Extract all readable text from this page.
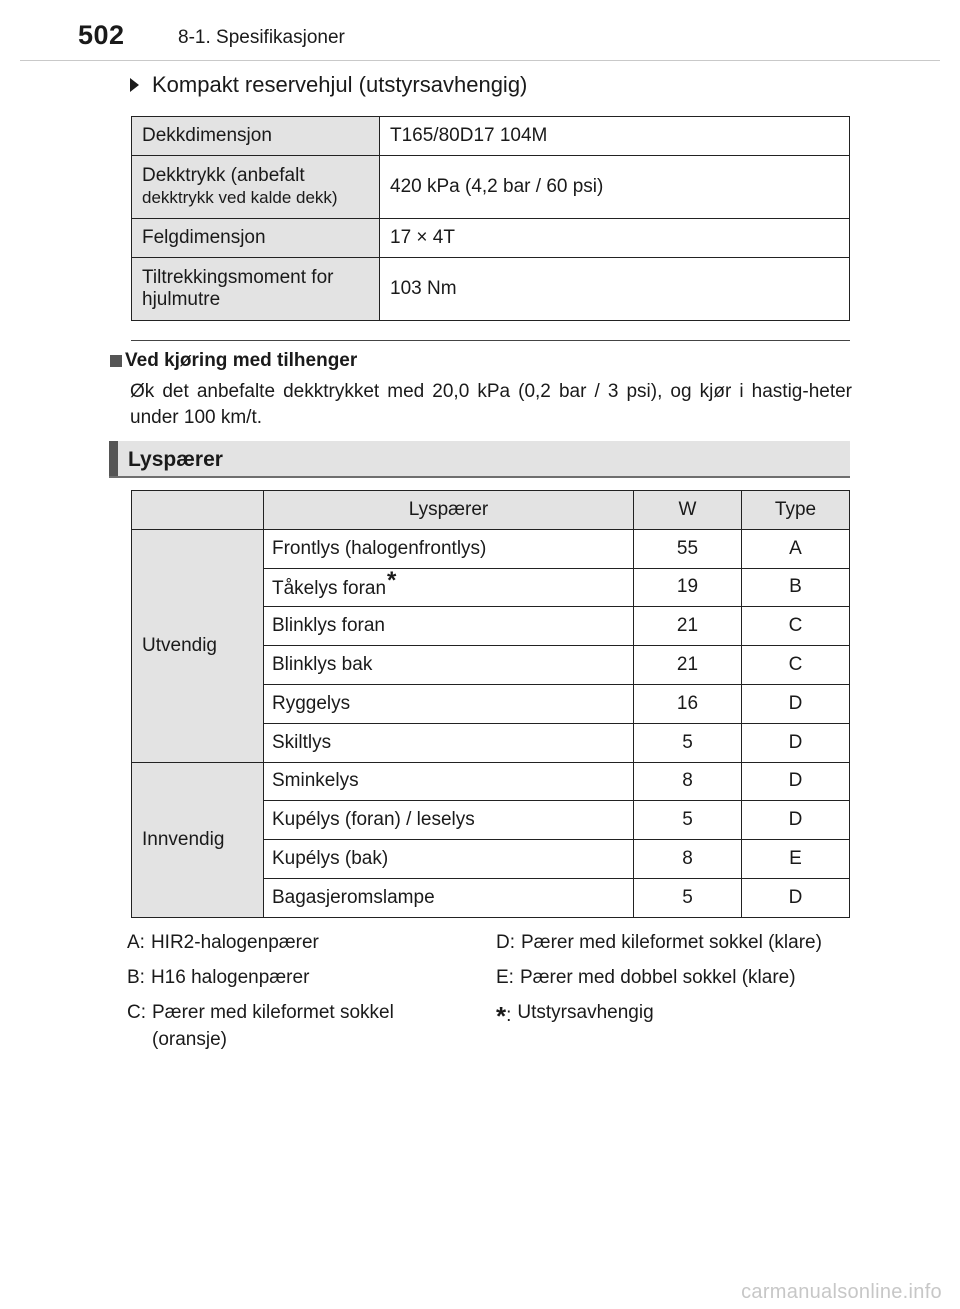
502	8-1. Spesifikasjoner
Kompakt reservehjul (utstyrsavhengig)
Dekkdimensjon	T165/80D17 104M
Dekktrykk (anbefalt
dekktrykk ved kalde dekk)	420 kPa (4,2 bar / 60 psi)
Felgdimensjon	17 × 4T
Tiltrekkingsmoment for
hjulmutre	103 Nm
Ved kjøring med tilhenger
Øk det anbefalte dekktrykket med 20,0 kPa (0,2 bar / 3 psi), og kjør i hastig-heter under 100 km/t.
Lyspærer
	Lyspærer	W	Type
Utvendig	Frontlys (halogenfrontlys)	55	A
	Tåkelys foran*	19	B
	Blinklys foran	21	C
	Blinklys bak	21	C
	Ryggelys	16	D
	Skiltlys	5	D
Innvendig	Sminkelys	8	D
	Kupélys (foran) / leselys	5	D
	Kupélys (bak)	8	E
	Bagasjeromslampe	5	D
A: HIR2-halogenpærer
B: H16 halogenpærer
C: Pærer med kileformet sokkel (oransje)
D: Pærer med kileformet sokkel (klare)
E: Pærer med dobbel sokkel (klare)
*: Utstyrsavhengig
carmanualsonline.info
